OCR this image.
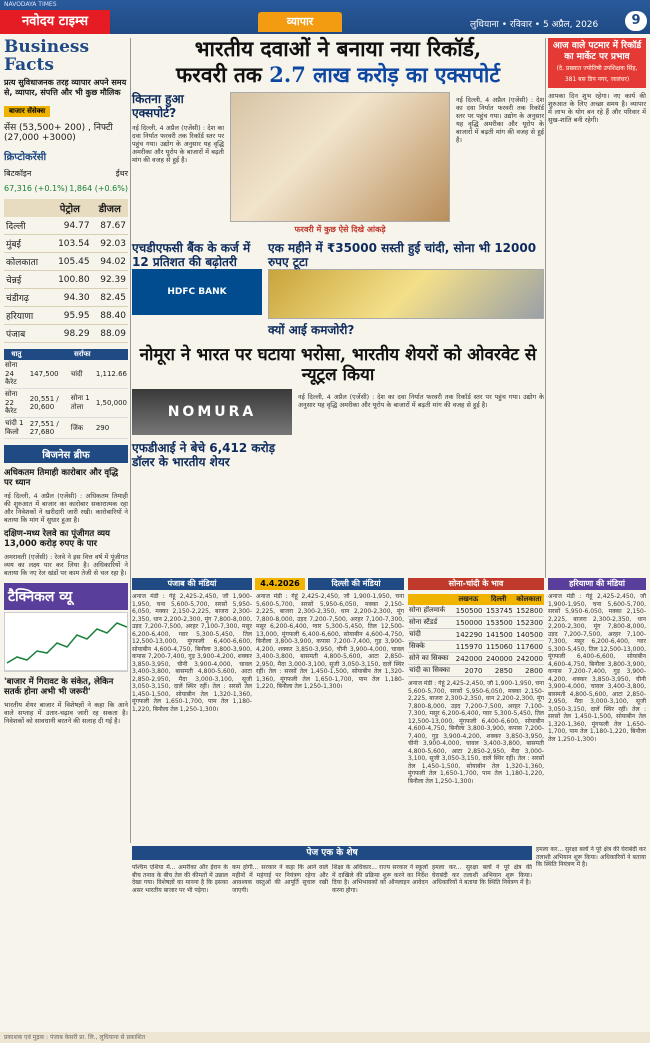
NAVODAYA TIMES
नवोदय टाइम्स	व्यापार	लुधियाना • रविवार • 5 अप्रैल, 2026	9
Business Facts
प्रत्य सुविधाजनक तरह व्यापार अपने समय से, व्यापार, संपत्ति और भी कुछ मौलिक
बाजार सेंसेक्स
सेंस (53,500+ 200) , निफ्टी (27,000 +3000)
क्रिप्टोकरेंसी
बिटकॉइन	ईथर
67,316 (+0.1%) 1,864 (+0.6%)
	पेट्रोल	डीजल
दिल्ली	94.77	87.67
मुंबई	103.54	92.03
कोलकाता	105.45	94.02
चेन्नई	100.80	92.39
चंडीगढ़	94.30	82.45
हरियाणा	95.95	88.40
पंजाब	98.29	88.09
धातु		सर्राफा	
सोना 24 कैरेट	147,500	चांदी	1,112.66
सोना 22 कैरेट	20,551 / 20,600	सोना 1 तोला	1,50,000
चांदी 1 किलो	27,551 / 27,680	जिंक	290
बिजनेस ब्रीफ
अधिकतम तिमाही कारोबार और वृद्धि पर ध्यान
नई दिल्ली, 4 अप्रैल (एजेंसी) : अधिकतम तिमाही की शुरुआत में बाजार का कारोबार सकारात्मक रहा और निवेशकों ने खरीदारी जारी रखी। कारोबारियों ने बताया कि मांग में सुधार हुआ है।
दक्षिण-मध्य रेलवे का पूंजीगत व्यय 13,000 करोड़ रुपए के पार
अमरावती (एजेंसी) : रेलवे ने इस वित्त वर्ष में पूंजीगत व्यय का लक्ष्य पार कर लिया है। अधिकारियों ने बताया कि नए रेल खंडों पर काम तेजी से चल रहा है।
टैक्निकल व्यू
'बाजार में गिरावट के संकेत, लेकिन सतर्क होना अभी भी जरूरी'
भारतीय शेयर बाजार में विशेषज्ञों ने कहा कि आने वाले सप्ताह में उतार-चढ़ाव जारी रह सकता है। निवेशकों को सावधानी बरतने की सलाह दी गई है।
भारतीय दवाओं ने बनाया नया रिकॉर्ड,
फरवरी तक 2.7 लाख करोड़ का एक्सपोर्ट
कितना हुआ एक्सपोर्ट?
नई दिल्ली, 4 अप्रैल (एजेंसी) : देश का दवा निर्यात फरवरी तक रिकॉर्ड स्तर पर पहुंच गया। उद्योग के अनुसार यह वृद्धि अमरीका और यूरोप के बाजारों में बढ़ती मांग की वजह से हुई है।
फरवरी में कुछ ऐसे दिखे आंकड़े
नई दिल्ली, 4 अप्रैल (एजेंसी) : देश का दवा निर्यात फरवरी तक रिकॉर्ड स्तर पर पहुंच गया। उद्योग के अनुसार यह वृद्धि अमरीका और यूरोप के बाजारों में बढ़ती मांग की वजह से हुई है।
एचडीएफसी बैंक के कर्ज में 12 प्रतिशत की बढ़ोतरी
HDFC BANK
एक महीने में ₹35000 सस्ती हुई चांदी, सोना भी 12000 रुपए टूटा
क्यों आई कमजोरी?
नोमूरा ने भारत पर घटाया भरोसा, भारतीय शेयरों को ओवरवेट से न्यूट्रल किया
NOMURA
एफडीआई ने बेचे 6,412 करोड़ डॉलर के भारतीय शेयर
नई दिल्ली, 4 अप्रैल (एजेंसी) : देश का दवा निर्यात फरवरी तक रिकॉर्ड स्तर पर पहुंच गया। उद्योग के अनुसार यह वृद्धि अमरीका और यूरोप के बाजारों में बढ़ती मांग की वजह से हुई है।
आज वाले पटमार में रिकॉर्ड का मार्केट पर प्रभाव
(दे. प्रख्यात ज्योतिषी उपशिक्षक सिंह, 381 बस डिप नगर, जालंधर)
आपका दिन शुभ रहेगा। नए कार्य की शुरुआत के लिए अच्छा समय है। व्यापार में लाभ के योग बन रहे हैं और परिवार में सुख-शांति बनी रहेगी।
पंजाब की मंडियां	4.4.2026	दिल्ली की मंडियां	सोना-चांदी के भाव	हरियाणा की मंडियां
अनाज मंडी : गेहूं 2,425-2,450, जौ 1,900-1,950, चना 5,600-5,700, सरसों 5,950-6,050, मक्का 2,150-2,225, बाजरा 2,300-2,350, धान 2,200-2,300, मूंग 7,800-8,000, उड़द 7,200-7,500, अरहर 7,100-7,300, मसूर 6,200-6,400, ग्वार 5,300-5,450, तिल 12,500-13,000, मूंगफली 6,400-6,600, सोयाबीन 4,600-4,750, बिनौला 3,800-3,900, कपास 7,200-7,400, गुड़ 3,900-4,200, शक्कर 3,850-3,950, चीनी 3,900-4,000, चावल 3,400-3,800, बासमती 4,800-5,600, आटा 2,850-2,950, मैदा 3,000-3,100, सूजी 3,050-3,150, दालें स्थिर रहीं। तेल : सरसों तेल 1,450-1,500, सोयाबीन तेल 1,320-1,360, मूंगफली तेल 1,650-1,700, पाम तेल 1,180-1,220, बिनौला तेल 1,250-1,300।
अनाज मंडी : गेहूं 2,425-2,450, जौ 1,900-1,950, चना 5,600-5,700, सरसों 5,950-6,050, मक्का 2,150-2,225, बाजरा 2,300-2,350, धान 2,200-2,300, मूंग 7,800-8,000, उड़द 7,200-7,500, अरहर 7,100-7,300, मसूर 6,200-6,400, ग्वार 5,300-5,450, तिल 12,500-13,000, मूंगफली 6,400-6,600, सोयाबीन 4,600-4,750, बिनौला 3,800-3,900, कपास 7,200-7,400, गुड़ 3,900-4,200, शक्कर 3,850-3,950, चीनी 3,900-4,000, चावल 3,400-3,800, बासमती 4,800-5,600, आटा 2,850-2,950, मैदा 3,000-3,100, सूजी 3,050-3,150, दालें स्थिर रहीं। तेल : सरसों तेल 1,450-1,500, सोयाबीन तेल 1,320-1,360, मूंगफली तेल 1,650-1,700, पाम तेल 1,180-1,220, बिनौला तेल 1,250-1,300।	अनाज मंडी : गेहूं 2,425-2,450, जौ 1,900-1,950, चना 5,600-5,700, सरसों 5,950-6,050, मक्का 2,150-2,225, बाजरा 2,300-2,350, धान 2,200-2,300, मूंग 7,800-8,000, उड़द 7,200-7,500, अरहर 7,100-7,300, मसूर 6,200-6,400, ग्वार 5,300-5,450, तिल 12,500-13,000, मूंगफली 6,400-6,600, सोयाबीन 4,600-4,750, बिनौला 3,800-3,900, कपास 7,200-7,400, गुड़ 3,900-4,200, शक्कर 3,850-3,950, चीनी 3,900-4,000, चावल 3,400-3,800, बासमती 4,800-5,600, आटा 2,850-2,950, मैदा 3,000-3,100, सूजी 3,050-3,150, दालें स्थिर रहीं। तेल : सरसों तेल 1,450-1,500, सोयाबीन तेल 1,320-1,360, मूंगफली तेल 1,650-1,700, पाम तेल 1,180-1,220, बिनौला तेल 1,250-1,300।
अनाज मंडी : गेहूं 2,425-2,450, जौ 1,900-1,950, चना 5,600-5,700, सरसों 5,950-6,050, मक्का 2,150-2,225, बाजरा 2,300-2,350, धान 2,200-2,300, मूंग 7,800-8,000, उड़द 7,200-7,500, अरहर 7,100-7,300, मसूर 6,200-6,400, ग्वार 5,300-5,450, तिल 12,500-13,000, मूंगफली 6,400-6,600, सोयाबीन 4,600-4,750, बिनौला 3,800-3,900, कपास 7,200-7,400, गुड़ 3,900-4,200, शक्कर 3,850-3,950, चीनी 3,900-4,000, चावल 3,400-3,800, बासमती 4,800-5,600, आटा 2,850-2,950, मैदा 3,000-3,100, सूजी 3,050-3,150, दालें स्थिर रहीं। तेल : सरसों तेल 1,450-1,500, सोयाबीन तेल 1,320-1,360, मूंगफली तेल 1,650-1,700, पाम तेल 1,180-1,220, बिनौला तेल 1,250-1,300।
	लखनऊ	दिल्ली	कोलकाता
सोना हॉलमार्क	150500	153745	152800
सोना स्टैंडर्ड	150000	153500	152300
चांदी	142290	141500	140500
सिक्के	115970	115060	117600
सोने का सिक्का	242000	240000	242000
चांदी का सिक्का	2070	2850	2800
पेज एक के शेष
पश्चिम एशिया में... अमरीका और ईरान के बीच तनाव के बीच तेल की कीमतों में उछाल देखा गया। विशेषज्ञों का मानना है कि इसका असर भारतीय बाजार पर भी पड़ेगा।
कम होगी... सरकार ने कहा कि आने वाले महीनों में महंगाई पर नियंत्रण रहेगा और आवश्यक वस्तुओं की आपूर्ति सुचारु रखी जाएगी।
शिक्षा के अधिकार... राज्य सरकार ने स्कूलों में दाखिले की प्रक्रिया शुरू करने का निर्देश दिया है। अभिभावकों को ऑनलाइन आवेदन करना होगा।
हमला कर... सुरक्षा बलों ने पूरे क्षेत्र की घेराबंदी कर तलाशी अभियान शुरू किया। अधिकारियों ने बताया कि स्थिति नियंत्रण में है।
हमला कर... सुरक्षा बलों ने पूरे क्षेत्र की घेराबंदी कर तलाशी अभियान शुरू किया। अधिकारियों ने बताया कि स्थिति नियंत्रण में है।
प्रकाशक एवं मुद्रक : पंजाब केसरी प्रा. लि., लुधियाना से प्रकाशित
